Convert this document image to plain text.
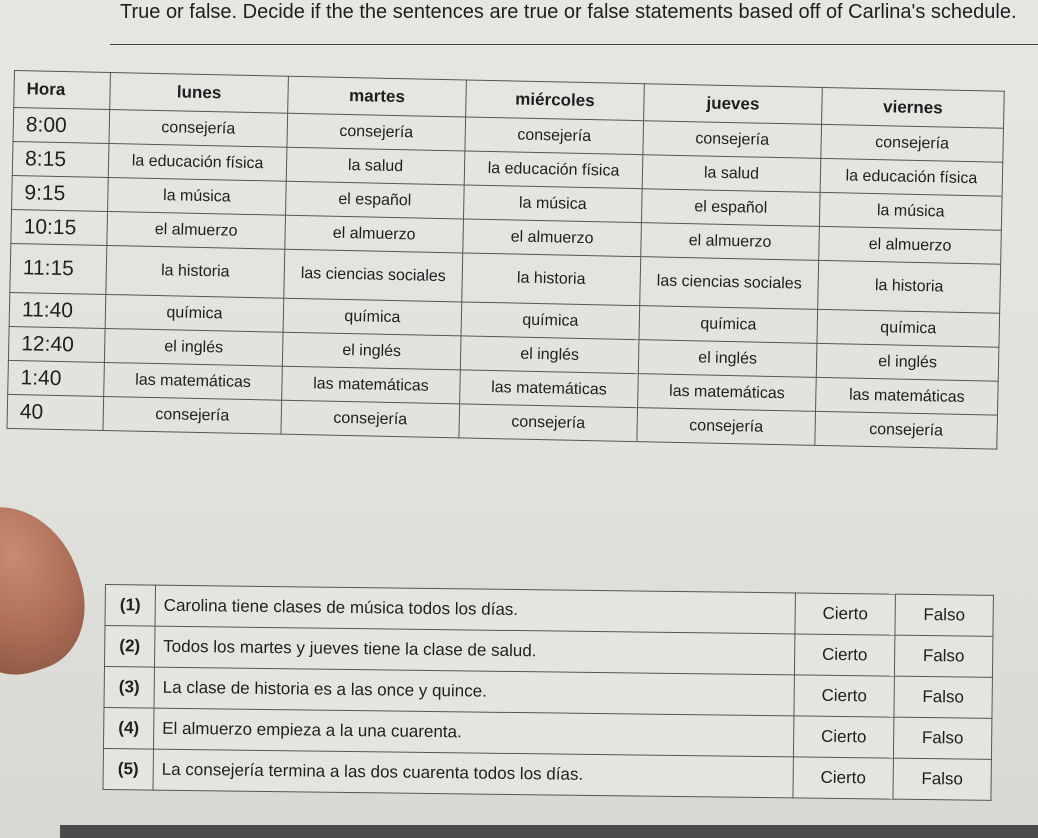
True or false. Decide if the the sentences are true or false statements based off of Carlina's schedule.
Hora	lunes	martes	miércoles	jueves	viernes
8:00	consejería	consejería	consejería	consejería	consejería
8:15	la educación física	la salud	la educación física	la salud	la educación física
9:15	la música	el español	la música	el español	la música
10:15	el almuerzo	el almuerzo	el almuerzo	el almuerzo	el almuerzo
11:15	la historia	las ciencias sociales	la historia	las ciencias sociales	la historia
11:40	química	química	química	química	química
12:40	el inglés	el inglés	el inglés	el inglés	el inglés
1:40	las matemáticas	las matemáticas	las matemáticas	las matemáticas	las matemáticas
40	consejería	consejería	consejería	consejería	consejería
(1)	Carolina tiene clases de música todos los días.	Cierto	Falso
(2)	Todos los martes y jueves tiene la clase de salud.	Cierto	Falso
(3)	La clase de historia es a las once y quince.	Cierto	Falso
(4)	El almuerzo empieza a la una cuarenta.	Cierto	Falso
(5)	La consejería termina a las dos cuarenta todos los días.	Cierto	Falso
